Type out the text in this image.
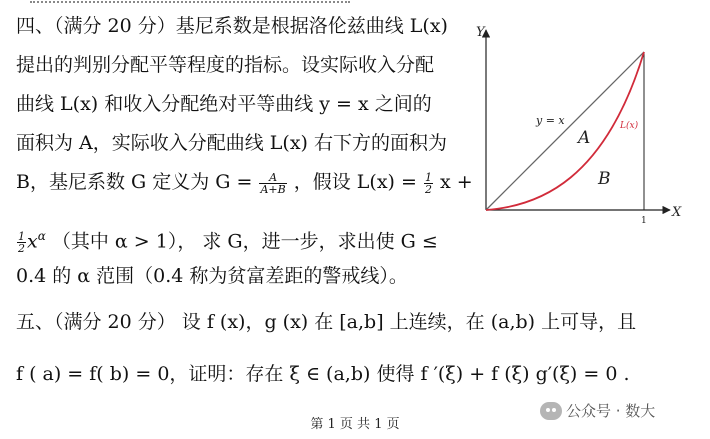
四、（满分 20 分）基尼系数是根据洛伦兹曲线 L(x)
提出的判别分配平等程度的指标。设实际收入分配
曲线 L(x) 和收入分配绝对平等曲线 y = x 之间的
面积为 A，实际收入分配曲线 L(x) 右下方的面积为
B，基尼系数 G 定义为 $G = \frac{A}{A+B}$ ，假设 $L(x) = \frac{1}{2}$ x +
$\frac{1}{2} x^\alpha$ （其中 α > 1）， 求 G，进一步，求出使 G ≤
0.4 的 α 范围（0.4 称为贫富差距的警戒线）。
五、（满分 20 分） 设 f (x)，g (x) 在 [a,b] 上连续，在 (a,b) 上可导，且
f ( a) = f( b) = 0，证明：存在 ξ ∈ (a,b) 使得 f ′(ξ) + f (ξ) g′(ξ) = 0 .
Y
X
y = x	L(x)
A
B
1
第 1 页 共 1 页
公众号 · 数大
